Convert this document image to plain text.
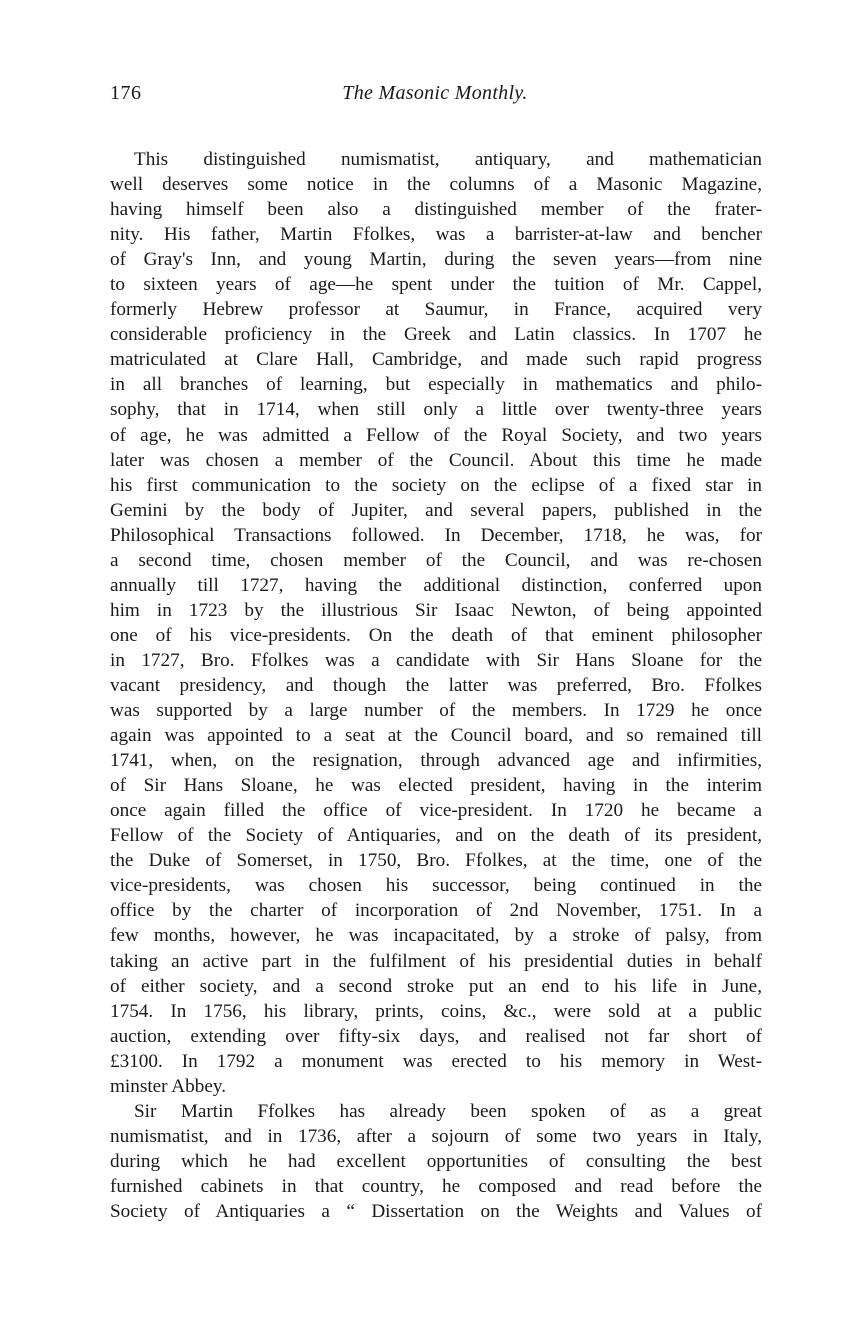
176	The Masonic Monthly.
This distinguished numismatist, antiquary, and mathematician
well deserves some notice in the columns of a Masonic Magazine,
having himself been also a distinguished member of the frater-
nity. His father, Martin Ffolkes, was a barrister-at-law and bencher
of Gray's Inn, and young Martin, during the seven years—from nine
to sixteen years of age—he spent under the tuition of Mr. Cappel,
formerly Hebrew professor at Saumur, in France, acquired very
considerable proficiency in the Greek and Latin classics. In 1707 he
matriculated at Clare Hall, Cambridge, and made such rapid progress
in all branches of learning, but especially in mathematics and philo-
sophy, that in 1714, when still only a little over twenty-three years
of age, he was admitted a Fellow of the Royal Society, and two years
later was chosen a member of the Council. About this time he made
his first communication to the society on the eclipse of a fixed star in
Gemini by the body of Jupiter, and several papers, published in the
Philosophical Transactions followed. In December, 1718, he was, for
a second time, chosen member of the Council, and was re-chosen
annually till 1727, having the additional distinction, conferred upon
him in 1723 by the illustrious Sir Isaac Newton, of being appointed
one of his vice-presidents. On the death of that eminent philosopher
in 1727, Bro. Ffolkes was a candidate with Sir Hans Sloane for the
vacant presidency, and though the latter was preferred, Bro. Ffolkes
was supported by a large number of the members. In 1729 he once
again was appointed to a seat at the Council board, and so remained till
1741, when, on the resignation, through advanced age and infirmities,
of Sir Hans Sloane, he was elected president, having in the interim
once again filled the office of vice-president. In 1720 he became a
Fellow of the Society of Antiquaries, and on the death of its president,
the Duke of Somerset, in 1750, Bro. Ffolkes, at the time, one of the
vice-presidents, was chosen his successor, being continued in the
office by the charter of incorporation of 2nd November, 1751. In a
few months, however, he was incapacitated, by a stroke of palsy, from
taking an active part in the fulfilment of his presidential duties in behalf
of either society, and a second stroke put an end to his life in June,
1754. In 1756, his library, prints, coins, &c., were sold at a public
auction, extending over fifty-six days, and realised not far short of
£3100. In 1792 a monument was erected to his memory in West-
minster Abbey.
Sir Martin Ffolkes has already been spoken of as a great
numismatist, and in 1736, after a sojourn of some two years in Italy,
during which he had excellent opportunities of consulting the best
furnished cabinets in that country, he composed and read before the
Society of Antiquaries a “ Dissertation on the Weights and Values of
